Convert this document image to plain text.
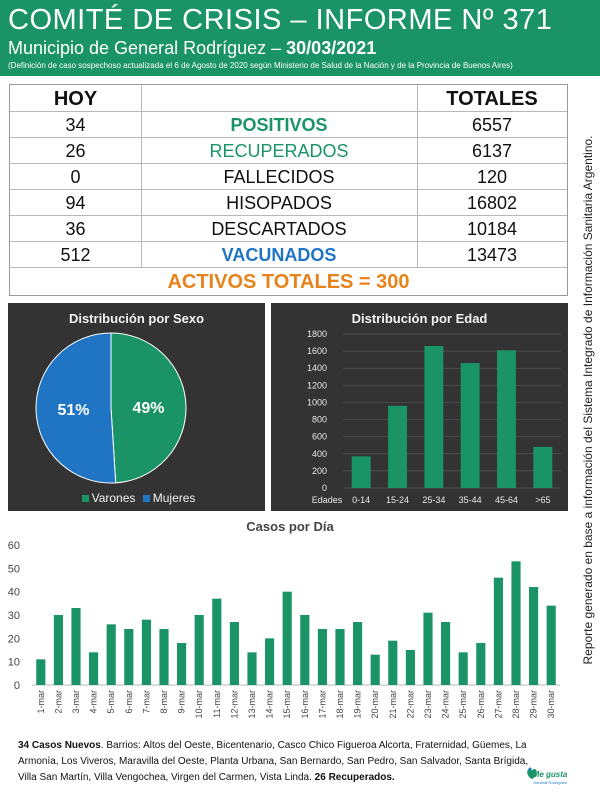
COMITÉ DE CRISIS – INFORME Nº 371
Municipio de General Rodríguez – 30/03/2021
(Definición de caso sospechoso actualizada el 6 de Agosto de 2020 según Ministerio de Salud de la Nación y de la Provincia de Buenos Aires)
HOY	TOTALES
34	POSITIVOS	6557
26	RECUPERADOS	6137
0	FALLECIDOS	120
94	HISOPADOS	16802
36	DESCARTADOS	10184
512	VACUNADOS	13473
ACTIVOS TOTALES = 300	Reporte generado en base a información del Sistema Integrado de Información Sanitaria Argentino.
Distribución por Sexo
49%
51%
Varones Mujeres
Distribución por Edad
0
200
400
600
800
1000
1200
1400
1600
1800
0-14 15-24 25-34 35-44 45-64 >65
Edades
Casos por Día
0
10
20
30
40
50
60
1-mar 2-mar 3-mar 4-mar 5-mar 6-mar 7-mar 8-mar 9-mar 10-mar 11-mar 12-mar 13-mar 14-mar 15-mar 16-mar 17-mar 18-mar 19-mar 20-mar 21-mar 22-mar 23-mar 24-mar 25-mar 26-mar 27-mar 28-mar 29-mar 30-mar
34 Casos Nuevos. Barrios: Altos del Oeste, Bicentenario, Casco Chico Figueroa Alcorta, Fraternidad, Güemes, La Armonía, Los Viveros, Maravilla del Oeste, Planta Urbana, San Bernardo, San Pedro, San Salvador, Santa Brígida, Villa San Martín, Villa Vengochea, Virgen del Carmen, Vista Linda. 26 Recuperados.	Me gusta
General Rodríguez
